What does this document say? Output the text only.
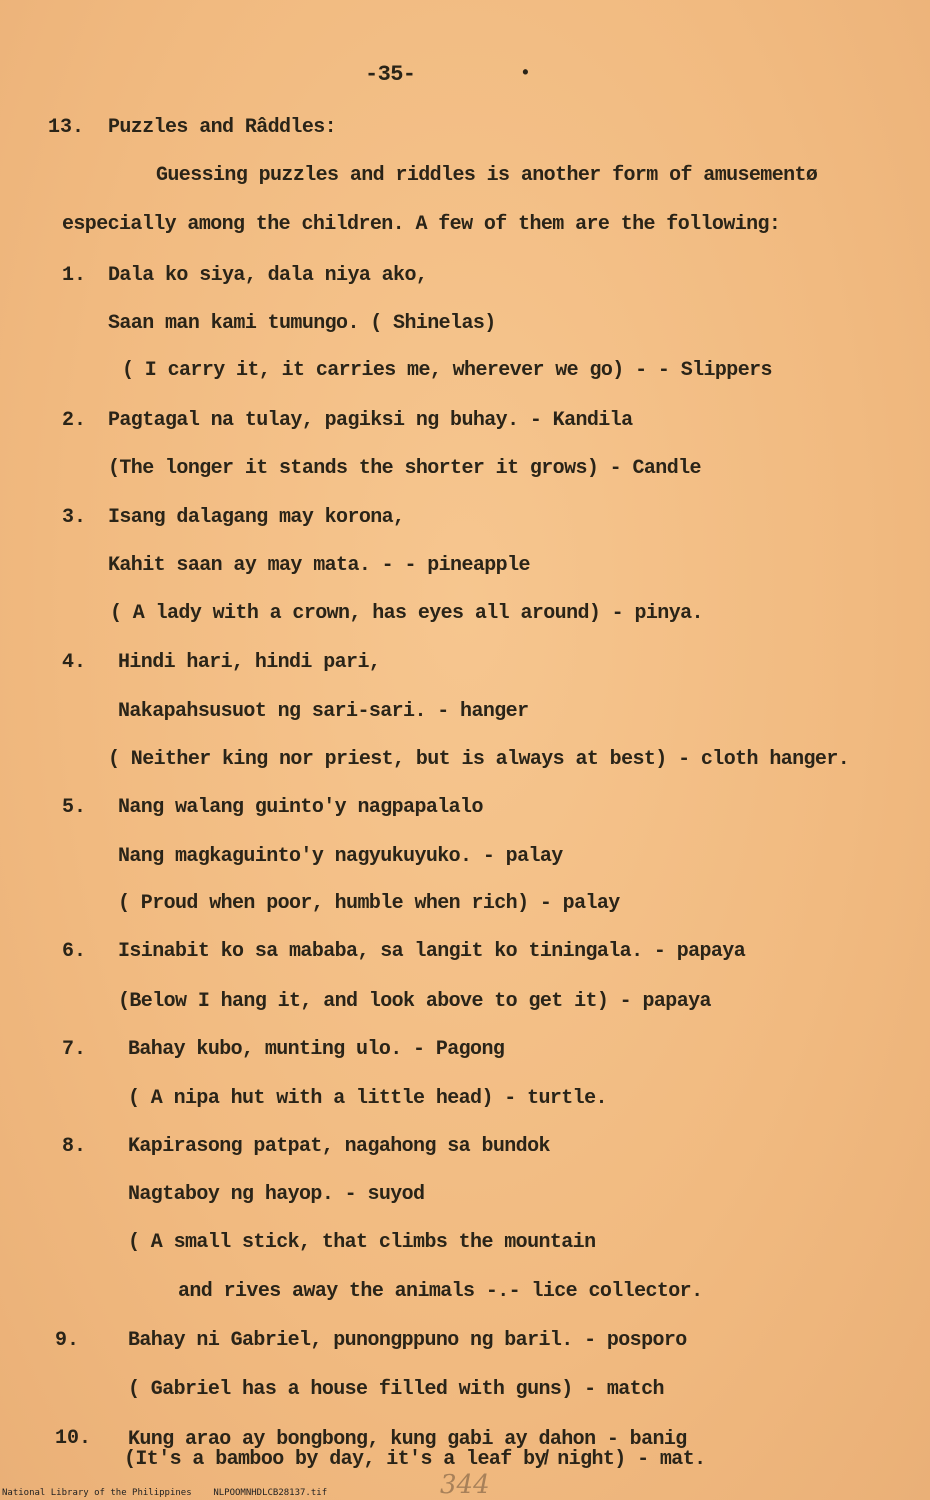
-35-	•
13. Puzzles and Râddles:
Guessing puzzles and riddles is another form of amusementø
especially among the children. A few of them are the following:
1. Dala ko siya, dala niya ako,
Saan man kami tumungo. ( Shinelas)
( I carry it, it carries me, wherever we go) - - Slippers
2. Pagtagal na tulay, pagiksi ng buhay. - Kandila
(The longer it stands the shorter it grows) - Candle
3. Isang dalagang may korona,
Kahit saan ay may mata. - - pineapple
( A lady with a crown, has eyes all around) - pinya.
4. Hindi hari, hindi pari,
Nakapahsusuot ng sari-sari. - hanger
( Neither king nor priest, but is always at best) - cloth hanger.
5. Nang walang guinto'y nagpapalalo
Nang magkaguinto'y nagyukuyuko. - palay
( Proud when poor, humble when rich) - palay
6. Isinabit ko sa mababa, sa langit ko tiningala. - papaya
(Below I hang it, and look above to get it) - papaya
7. Bahay kubo, munting ulo. - Pagong
( A nipa hut with a little head) - turtle.
8. Kapirasong patpat, nagahong sa bundok
Nagtaboy ng hayop. - suyod
( A small stick, that climbs the mountain
and rives away the animals -.- lice collector.
9. Bahay ni Gabriel, punongppuno ng baril. - posporo
( Gabriel has a house filled with guns) - match
10. Kung arao ay bongbong, kung gabi ay dahon - banig
(It's a bamboo by day, it's a leaf by̸ night) - mat.
344
National Library of the Philippines    NLPOOMNHDLCB28137.tif
